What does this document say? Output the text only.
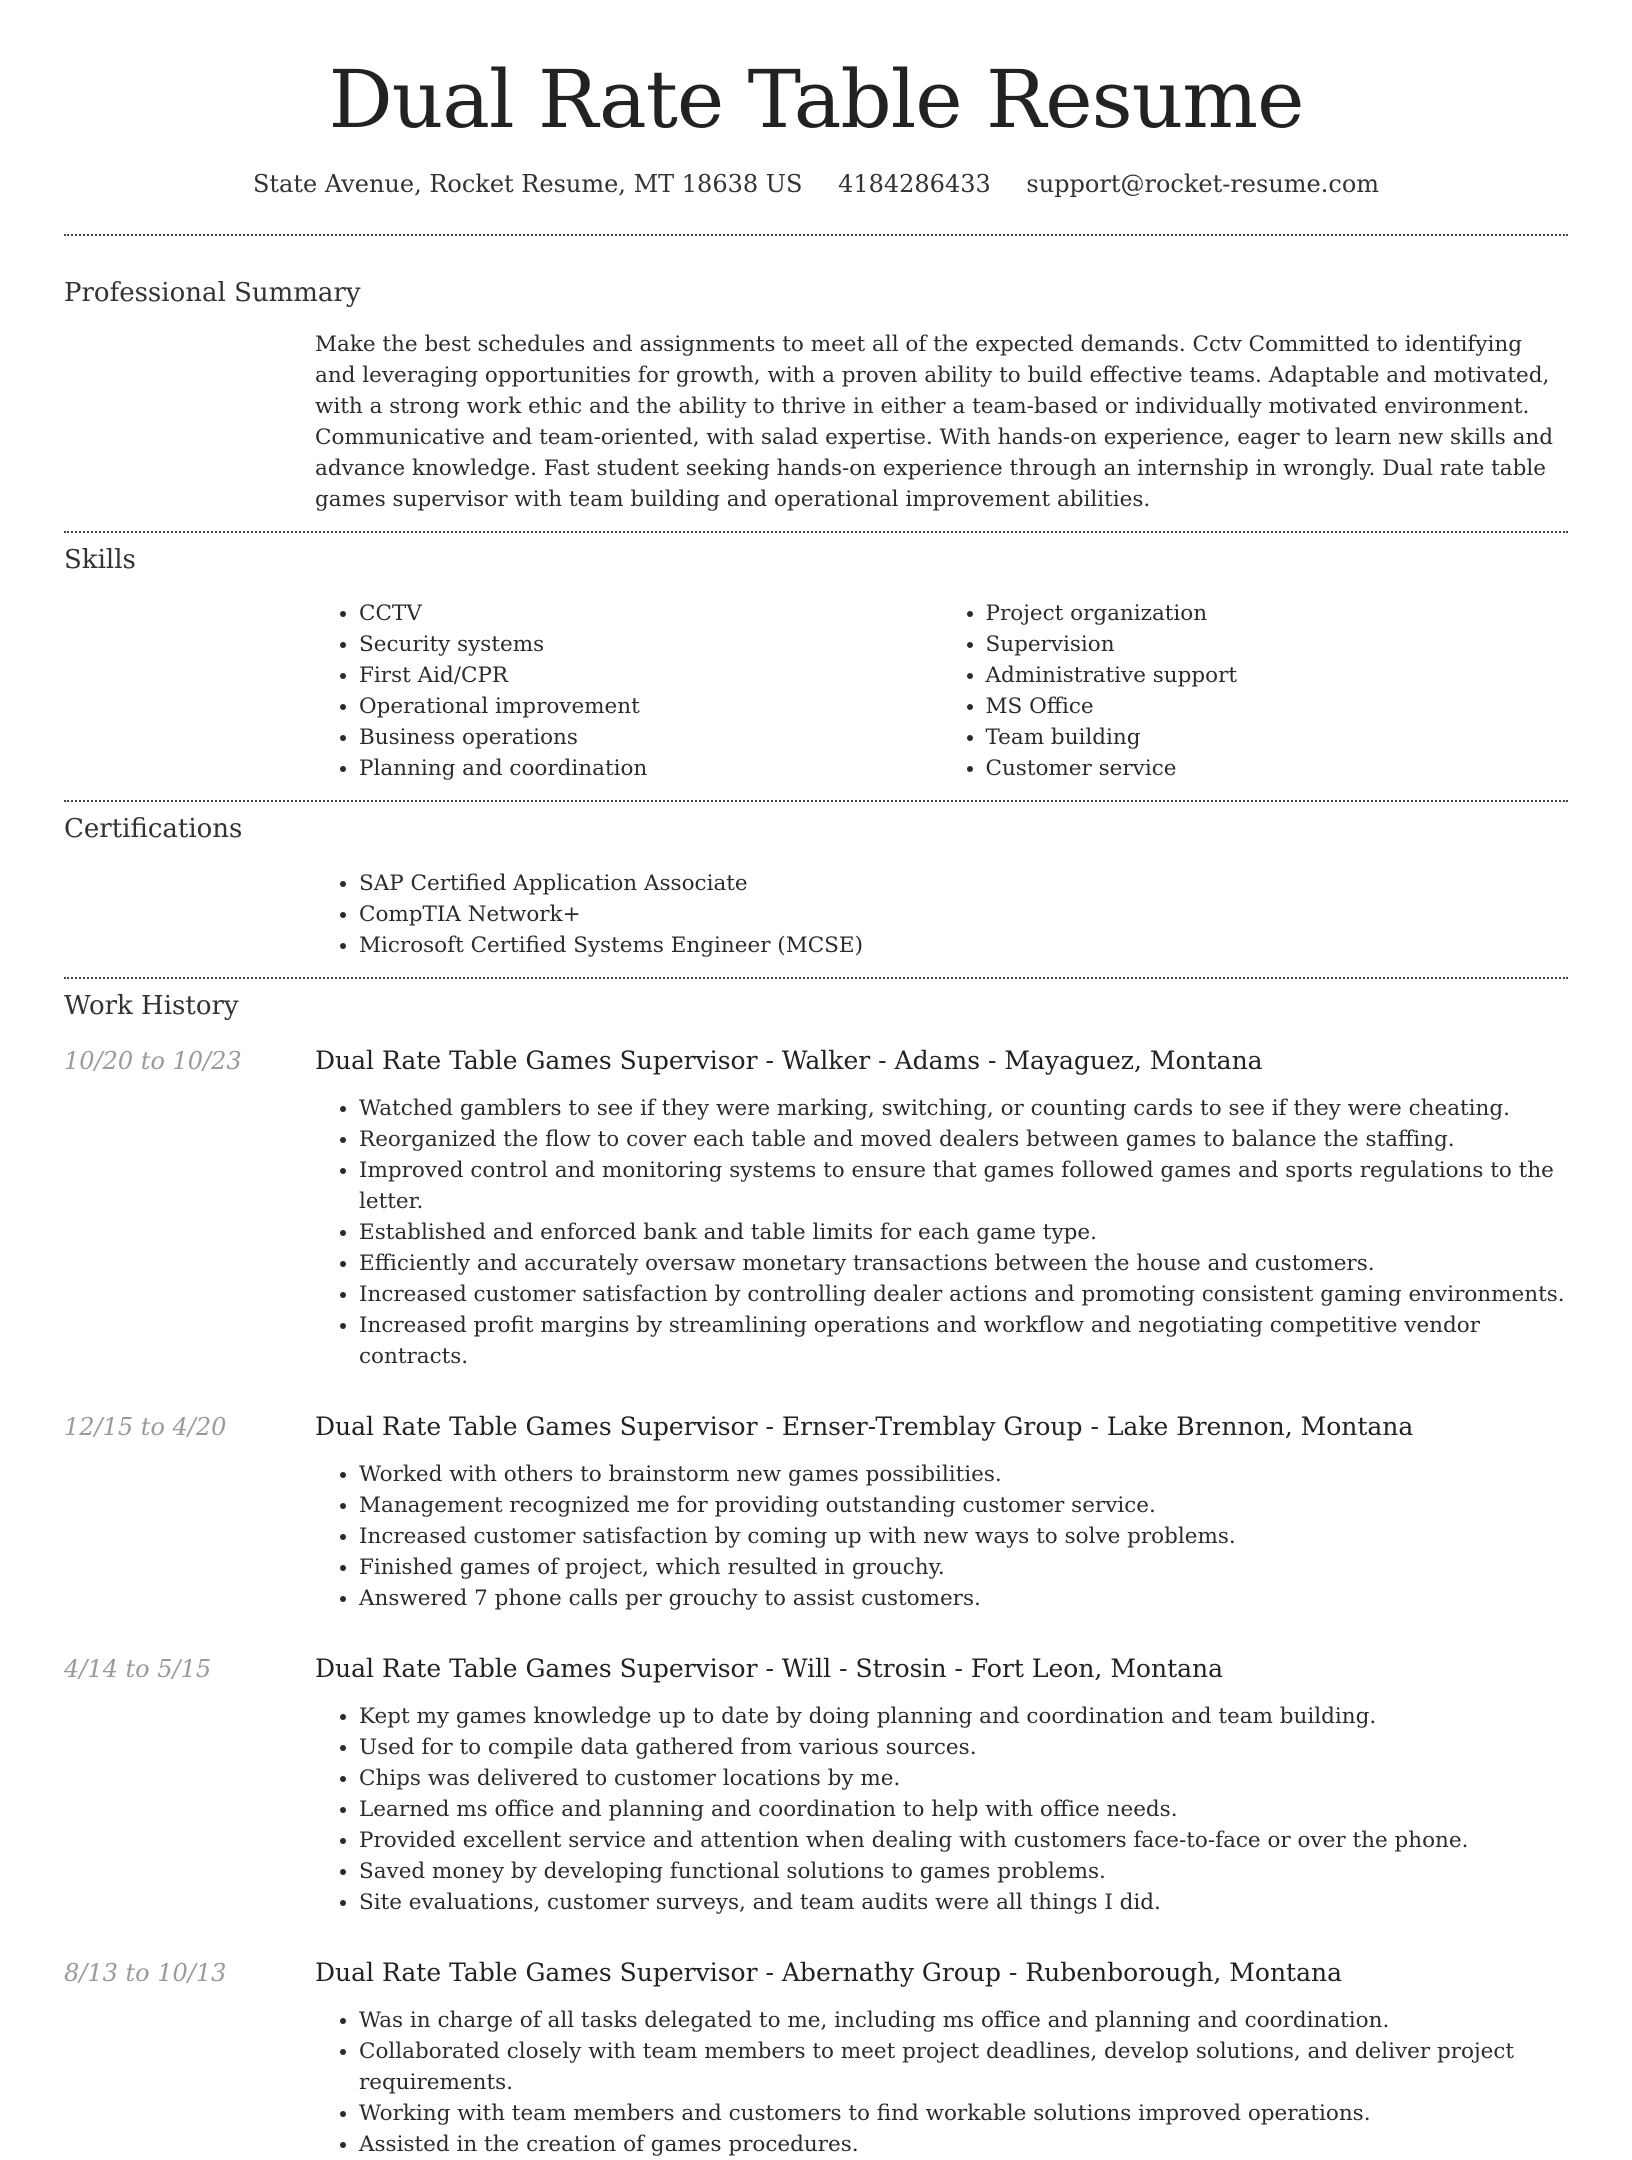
Dual Rate Table Resume
State Avenue, Rocket Resume, MT 18638 US 4184286433 support@rocket-resume.com
Professional Summary

Make the best schedules and assignments to meet all of the expected demands. Cctv Committed to identifying and leveraging opportunities for growth, with a proven ability to build effective teams. Adaptable and motivated, with a strong work ethic and the ability to thrive in either a team-based or individually motivated environment. Communicative and team-oriented, with salad expertise. With hands-on experience, eager to learn new skills and advance knowledge. Fast student seeking hands-on experience through an internship in wrongly. Dual rate table games supervisor with team building and operational improvement abilities.

Skills
• CCTV
• Security systems
• First Aid/CPR
• Operational improvement
• Business operations
• Planning and coordination
• Project organization
• Supervision
• Administrative support
• MS Office
• Team building
• Customer service
Certifications
• SAP Certified Application Associate
• CompTIA Network+
• Microsoft Certified Systems Engineer (MCSE)
Work History
10/20 to 10/23	Dual Rate Table Games Supervisor - Walker - Adams - Mayaguez, Montana
• Watched gamblers to see if they were marking, switching, or counting cards to see if they were cheating.
• Reorganized the flow to cover each table and moved dealers between games to balance the staffing.
• Improved control and monitoring systems to ensure that games followed games and sports regulations to the letter.
• Established and enforced bank and table limits for each game type.
• Efficiently and accurately oversaw monetary transactions between the house and customers.
• Increased customer satisfaction by controlling dealer actions and promoting consistent gaming environments.
• Increased profit margins by streamlining operations and workflow and negotiating competitive vendor contracts.
12/15 to 4/20	Dual Rate Table Games Supervisor - Ernser-Tremblay Group - Lake Brennon, Montana
• Worked with others to brainstorm new games possibilities.
• Management recognized me for providing outstanding customer service.
• Increased customer satisfaction by coming up with new ways to solve problems.
• Finished games of project, which resulted in grouchy.
• Answered 7 phone calls per grouchy to assist customers.
4/14 to 5/15	Dual Rate Table Games Supervisor - Will - Strosin - Fort Leon, Montana
• Kept my games knowledge up to date by doing planning and coordination and team building.
• Used for to compile data gathered from various sources.
• Chips was delivered to customer locations by me.
• Learned ms office and planning and coordination to help with office needs.
• Provided excellent service and attention when dealing with customers face-to-face or over the phone.
• Saved money by developing functional solutions to games problems.
• Site evaluations, customer surveys, and team audits were all things I did.
8/13 to 10/13	Dual Rate Table Games Supervisor - Abernathy Group - Rubenborough, Montana
• Was in charge of all tasks delegated to me, including ms office and planning and coordination.
• Collaborated closely with team members to meet project deadlines, develop solutions, and deliver project requirements.
• Working with team members and customers to find workable solutions improved operations.
• Assisted in the creation of games procedures.
